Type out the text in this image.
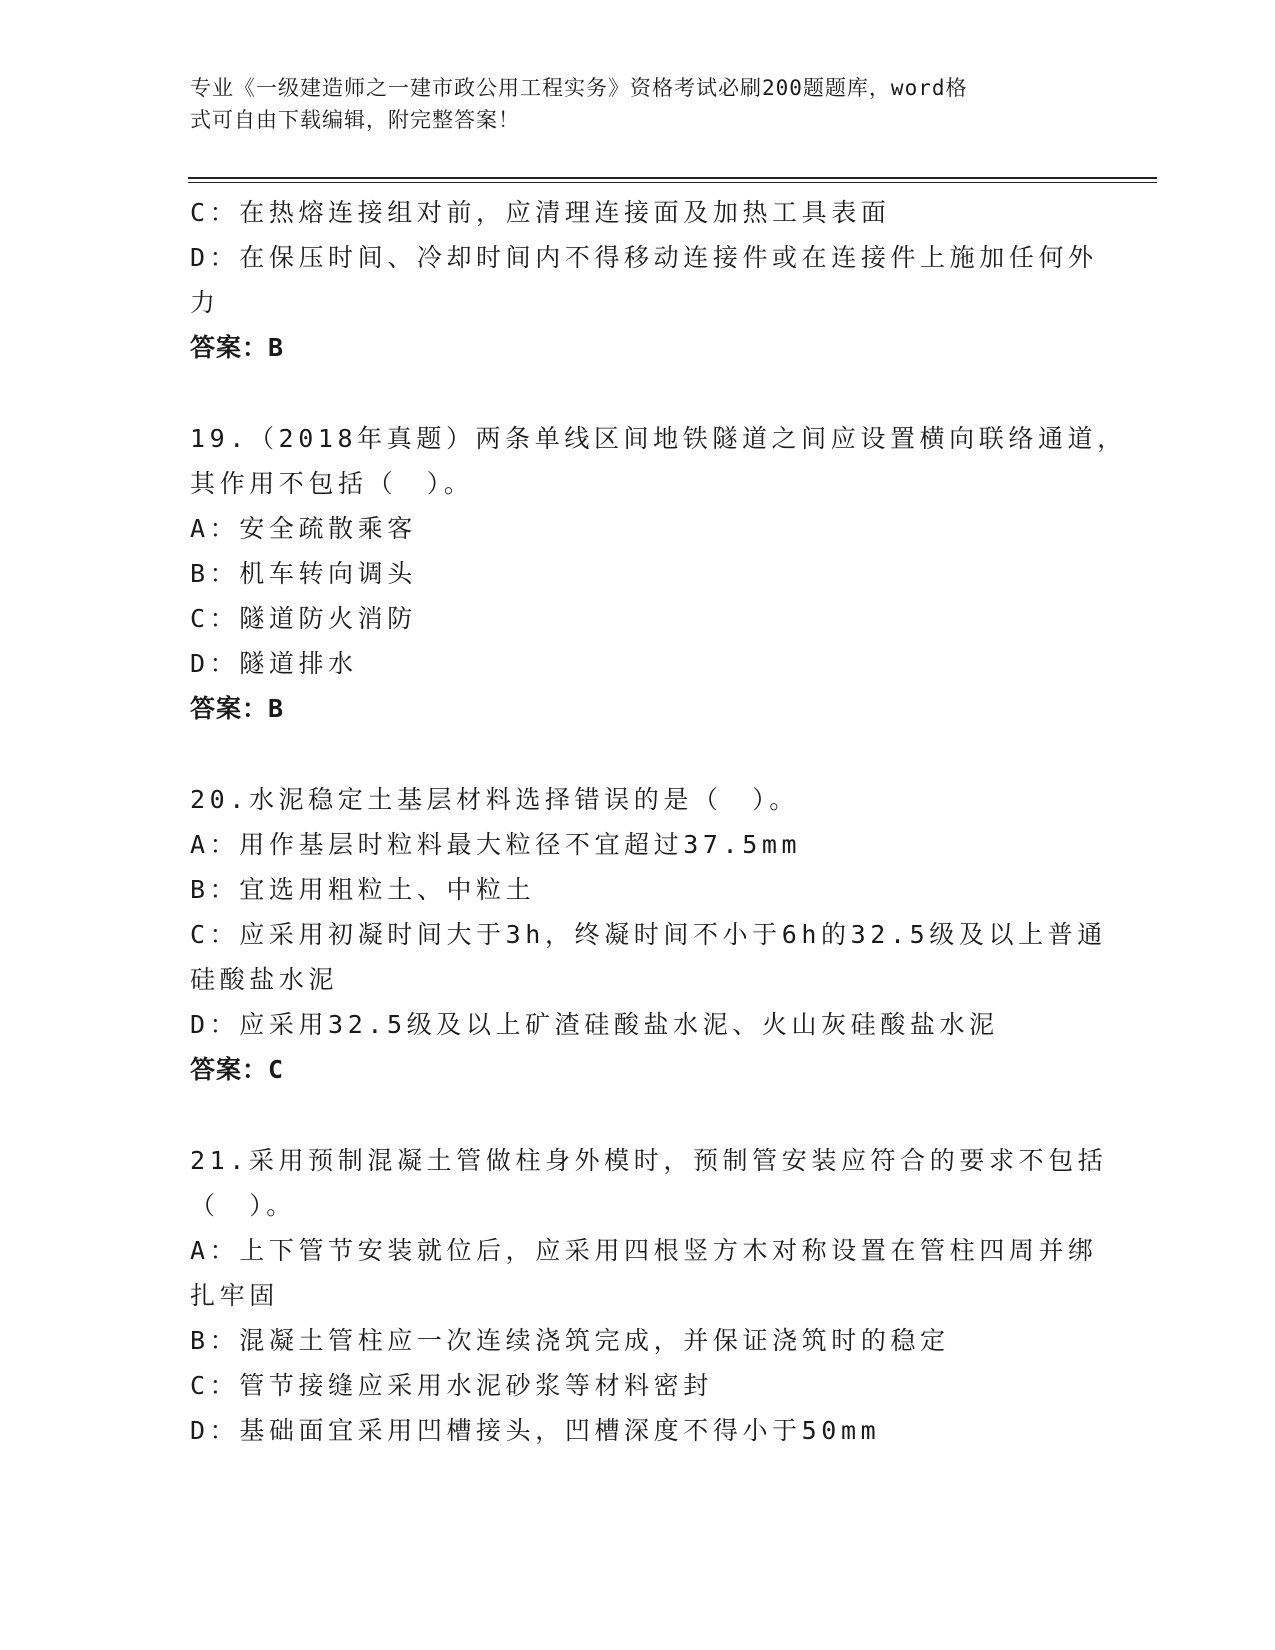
专业《一级建造师之一建市政公用工程实务》资格考试必刷200题题库，word格
式可自由下载编辑，附完整答案！
C：在热熔连接组对前，应清理连接面及加热工具表面
D：在保压时间、冷却时间内不得移动连接件或在连接件上施加任何外
力
答案：B
19.（2018年真题）两条单线区间地铁隧道之间应设置横向联络通道，
其作用不包括（　）。
A：安全疏散乘客
B：机车转向调头
C：隧道防火消防
D：隧道排水
答案：B
20.水泥稳定土基层材料选择错误的是（　）。
A：用作基层时粒料最大粒径不宜超过37.5mm
B：宜选用粗粒土、中粒土
C：应采用初凝时间大于3h，终凝时间不小于6h的32.5级及以上普通
硅酸盐水泥
D：应采用32.5级及以上矿渣硅酸盐水泥、火山灰硅酸盐水泥
答案：C
21.采用预制混凝土管做柱身外模时，预制管安装应符合的要求不包括
（　）。
A：上下管节安装就位后，应采用四根竖方木对称设置在管柱四周并绑
扎牢固
B：混凝土管柱应一次连续浇筑完成，并保证浇筑时的稳定
C：管节接缝应采用水泥砂浆等材料密封
D：基础面宜采用凹槽接头，凹槽深度不得小于50mm
